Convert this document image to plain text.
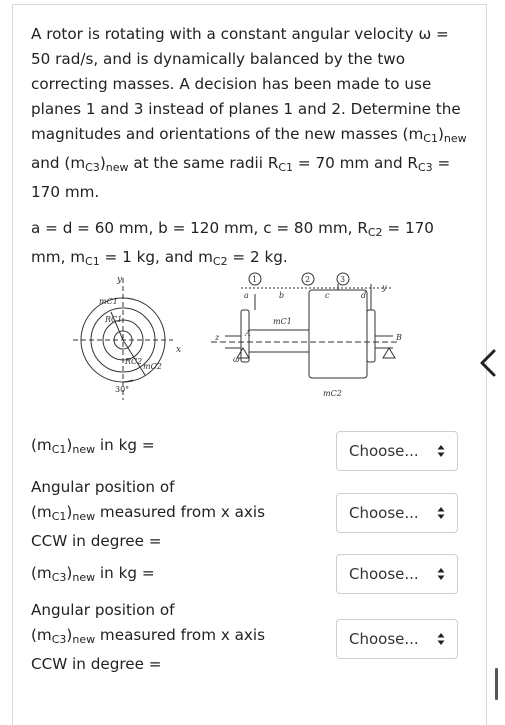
A rotor is rotating with a constant angular velocity ω = 50 rad/s, and is dynamically balanced by the two correcting masses. A decision has been made to use planes 1 and 3 instead of planes 1 and 2. Determine the magnitudes and orientations of the new masses $(m_{C1})_{new}$ and $(m_{C3})_{new}$ at the same radii $R_{C1} = 70$ mm and $R_{C3} = 170$ mm.

a = d = 60 mm, b = 120 mm, c = 80 mm, $R_{C2} = 170$ mm, $m_{C1} = 1$ kg, and $m_{C2} = 2$ kg.

y
x
mC1
RC1
RC2
mC2
30°
1	2	3
a	b	c	d
A	B
ω
z
y
mC1
mC2
$(m_{C1})_{new}$ in kg =	Choose...
Angular position of
$(m_{C1})_{new}$ measured from x axis
CCW in degree =
Choose...
$(m_{C3})_{new}$ in kg =	Choose...
Angular position of
$(m_{C3})_{new}$ measured from x axis
CCW in degree =
Choose...
